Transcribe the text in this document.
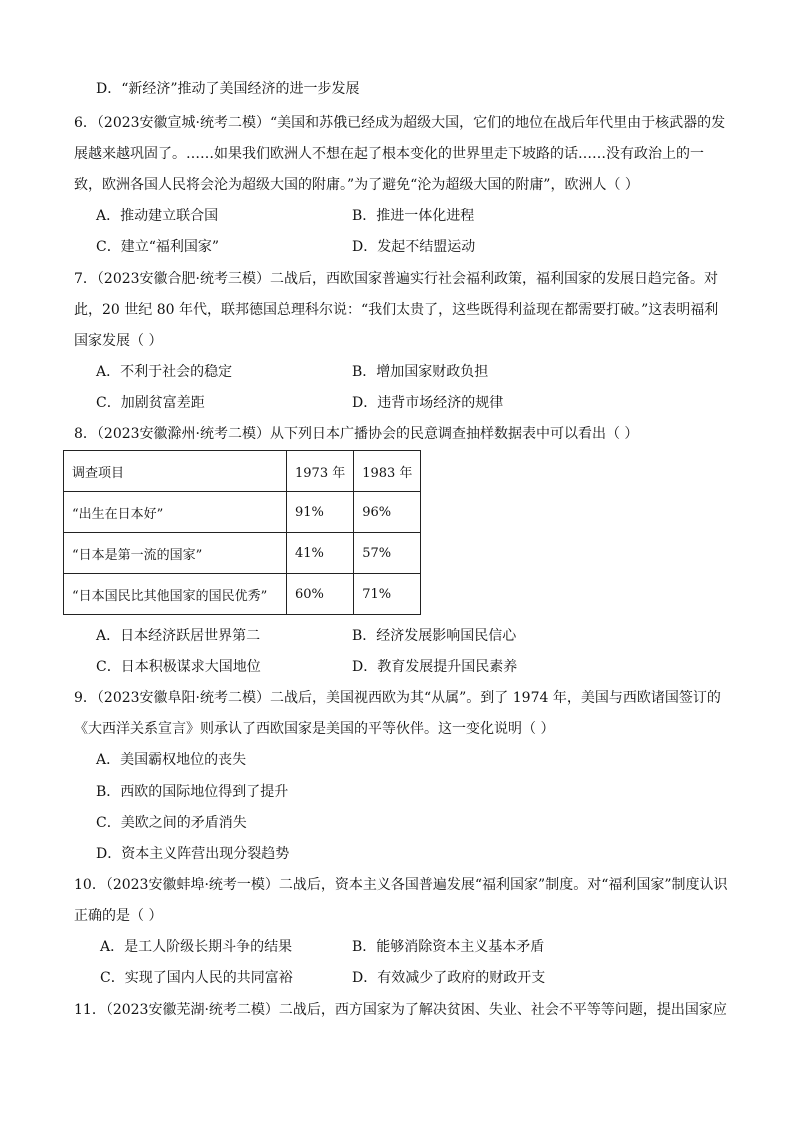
D．“新经济”推动了美国经济的进一步发展
6．（2023安徽宣城·统考二模）“美国和苏俄已经成为超级大国，它们的地位在战后年代里由于核武器的发
展越来越巩固了。……如果我们欧洲人不想在起了根本变化的世界里走下坡路的话……没有政治上的一
致，欧洲各国人民将会沦为超级大国的附庸。”为了避免“沦为超级大国的附庸”，欧洲人（ ）
A．推动建立联合国	B．推进一体化进程
C．建立“福利国家”	D．发起不结盟运动
7．（2023安徽合肥·统考三模）二战后，西欧国家普遍实行社会福利政策，福利国家的发展日趋完备。对
此，20 世纪 80 年代，联邦德国总理科尔说：“我们太贵了，这些既得利益现在都需要打破。”这表明福利
国家发展（ ）
A．不利于社会的稳定	B．增加国家财政负担
C．加剧贫富差距	D．违背市场经济的规律
8．（2023安徽滁州·统考二模）从下列日本广播协会的民意调查抽样数据表中可以看出（ ）
调查项目	1973 年	1983 年
“出生在日本好”	91%	96%
“日本是第一流的国家”	41%	57%
“日本国民比其他国家的国民优秀”	60%	71%
A．日本经济跃居世界第二	B．经济发展影响国民信心
C．日本积极谋求大国地位	D．教育发展提升国民素养
9．（2023安徽阜阳·统考二模）二战后，美国视西欧为其“从属”。到了 1974 年，美国与西欧诸国签订的
《大西洋关系宣言》则承认了西欧国家是美国的平等伙伴。这一变化说明（ ）
A．美国霸权地位的丧失
B．西欧的国际地位得到了提升
C．美欧之间的矛盾消失
D．资本主义阵营出现分裂趋势
10．（2023安徽蚌埠·统考一模）二战后，资本主义各国普遍发展“福利国家”制度。对“福利国家”制度认识
正确的是（ ）
A．是工人阶级长期斗争的结果	B．能够消除资本主义基本矛盾
C．实现了国内人民的共同富裕	D．有效减少了政府的财政开支
11．（2023安徽芜湖·统考二模）二战后，西方国家为了解决贫困、失业、社会不平等等问题，提出国家应
